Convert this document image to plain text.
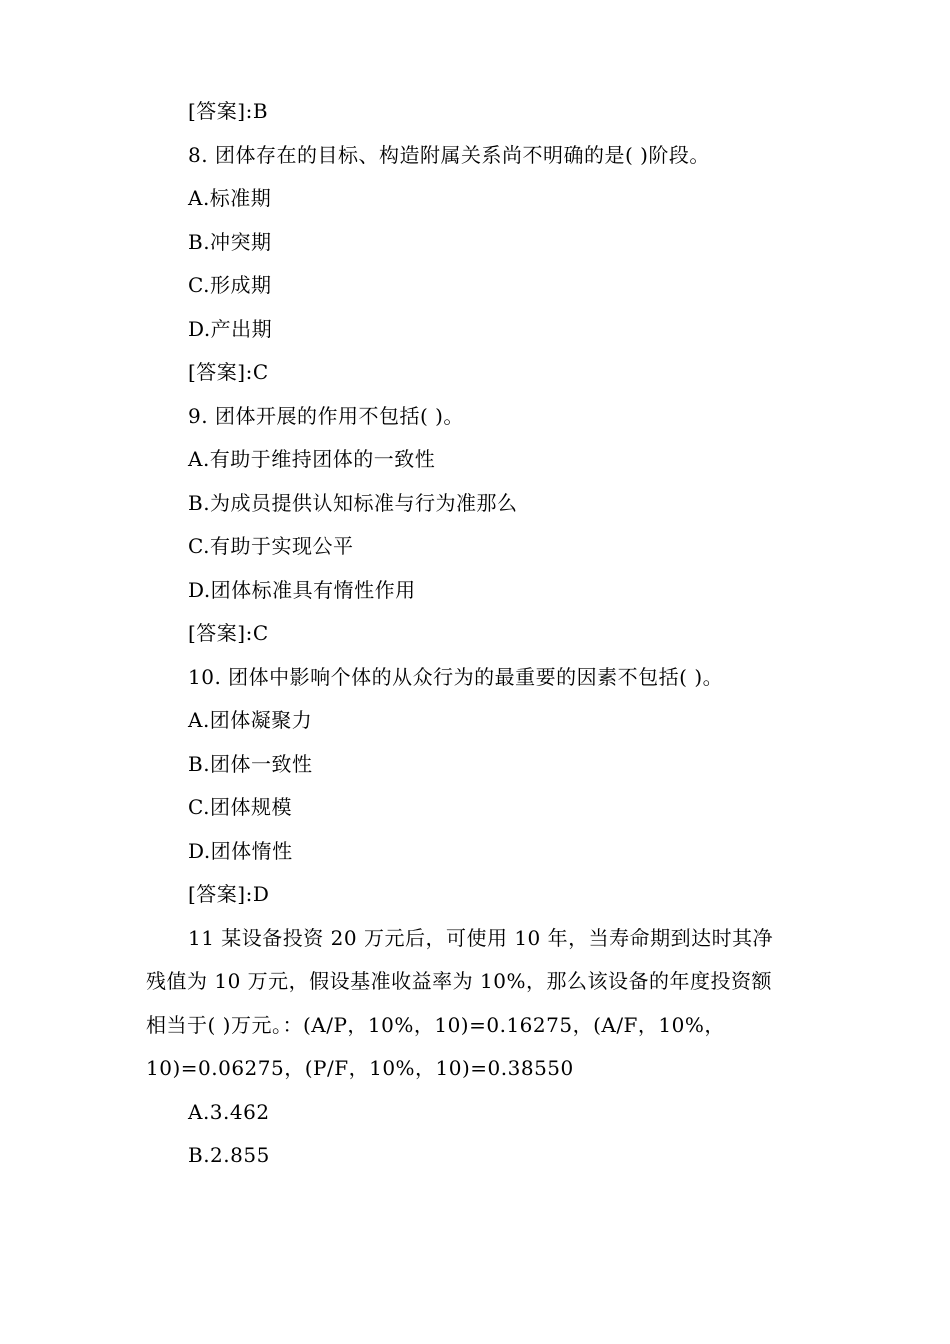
[答案]:B
8. 团体存在的目标、构造附属关系尚不明确的是( )阶段。
A.标准期
B.冲突期
C.形成期
D.产出期
[答案]:C
9. 团体开展的作用不包括( )。
A.有助于维持团体的一致性
B.为成员提供认知标准与行为准那么
C.有助于实现公平
D.团体标准具有惰性作用
[答案]:C
10. 团体中影响个体的从众行为的最重要的因素不包括( )。
A.团体凝聚力
B.团体一致性
C.团体规模
D.团体惰性
[答案]:D
11 某设备投资 20 万元后，可使用 10 年，当寿命期到达时其净
残值为 10 万元，假设基准收益率为 10%，那么该设备的年度投资额
相当于( )万元。：(A/P，10%，10)=0.16275，(A/F，10%，
10)=0.06275，(P/F，10%，10)=0.38550
A.3.462
B.2.855
